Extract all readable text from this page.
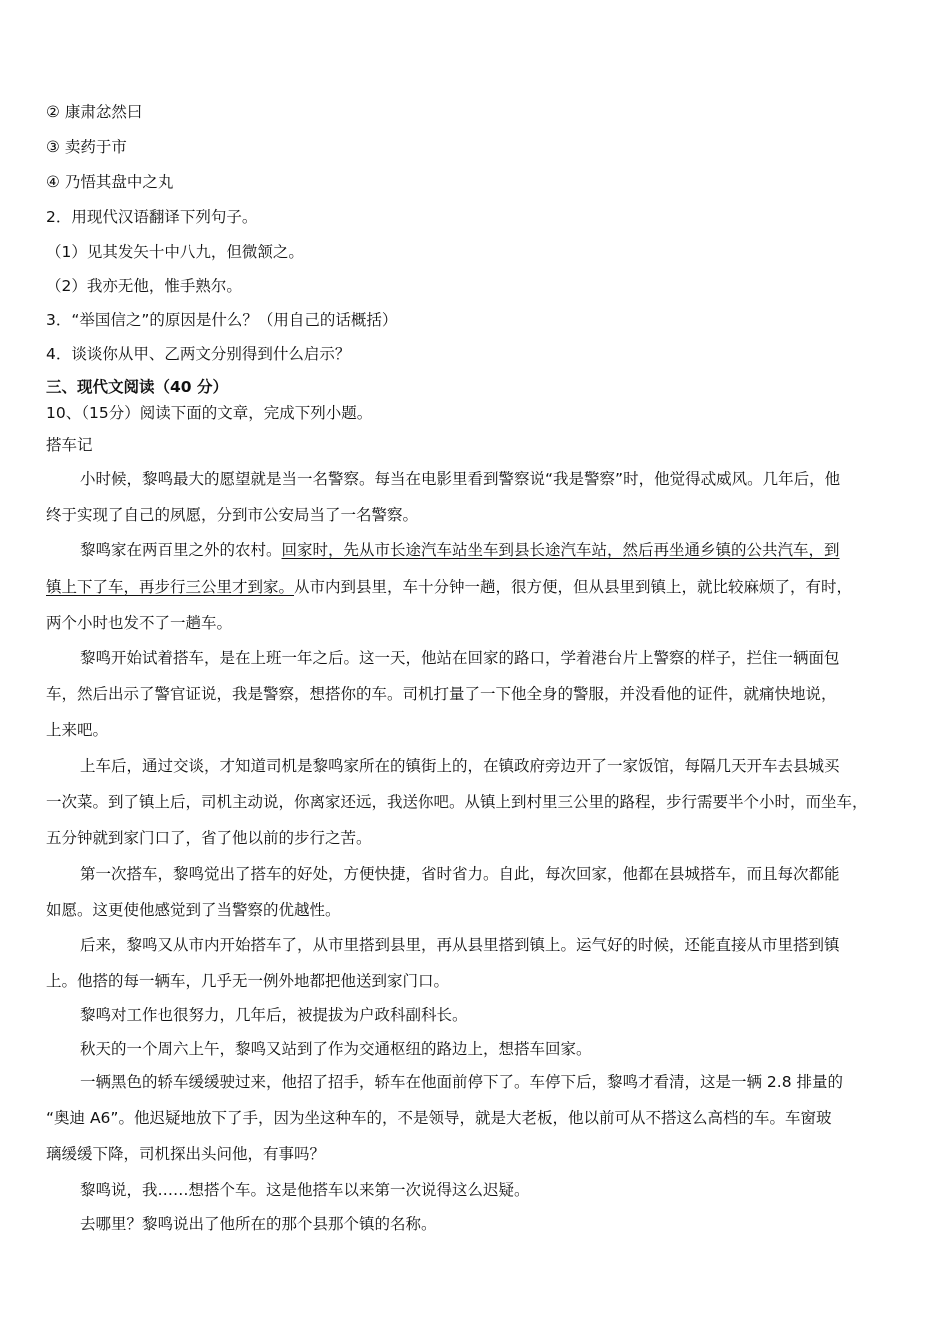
② 康肃忿然曰
③ 卖药于市
④ 乃悟其盘中之丸
2．用现代汉语翻译下列句子。
（1）见其发矢十中八九，但微颔之。
（2）我亦无他，惟手熟尔。
3．“举国信之”的原因是什么？（用自己的话概括）
4．谈谈你从甲、乙两文分别得到什么启示？
三、现代文阅读（40 分）
10、（15分）阅读下面的文章，完成下列小题。
搭车记
小时候，黎鸣最大的愿望就是当一名警察。每当在电影里看到警察说“我是警察”时，他觉得忒威风。几年后，他
终于实现了自己的夙愿，分到市公安局当了一名警察。
黎鸣家在两百里之外的农村。回家时，先从市长途汽车站坐车到县长途汽车站，然后再坐通乡镇的公共汽车，到
镇上下了车，再步行三公里才到家。从市内到县里，车十分钟一趟，很方便，但从县里到镇上，就比较麻烦了，有时，
两个小时也发不了一趟车。
黎鸣开始试着搭车，是在上班一年之后。这一天，他站在回家的路口，学着港台片上警察的样子，拦住一辆面包
车，然后出示了警官证说，我是警察，想搭你的车。司机打量了一下他全身的警服，并没看他的证件，就痛快地说，
上来吧。
上车后，通过交谈，才知道司机是黎鸣家所在的镇街上的，在镇政府旁边开了一家饭馆，每隔几天开车去县城买
一次菜。到了镇上后，司机主动说，你离家还远，我送你吧。从镇上到村里三公里的路程，步行需要半个小时，而坐车，
五分钟就到家门口了，省了他以前的步行之苦。
第一次搭车，黎鸣觉出了搭车的好处，方便快捷，省时省力。自此，每次回家，他都在县城搭车，而且每次都能
如愿。这更使他感觉到了当警察的优越性。
后来，黎鸣又从市内开始搭车了，从市里搭到县里，再从县里搭到镇上。运气好的时候，还能直接从市里搭到镇
上。他搭的每一辆车，几乎无一例外地都把他送到家门口。
黎鸣对工作也很努力，几年后，被提拔为户政科副科长。
秋天的一个周六上午，黎鸣又站到了作为交通枢纽的路边上，想搭车回家。
一辆黑色的轿车缓缓驶过来，他招了招手，轿车在他面前停下了。车停下后，黎鸣才看清，这是一辆 2.8 排量的
“奥迪 A6”。他迟疑地放下了手，因为坐这种车的，不是领导，就是大老板，他以前可从不搭这么高档的车。车窗玻
璃缓缓下降，司机探出头问他，有事吗？
黎鸣说，我……想搭个车。这是他搭车以来第一次说得这么迟疑。
去哪里？黎鸣说出了他所在的那个县那个镇的名称。
